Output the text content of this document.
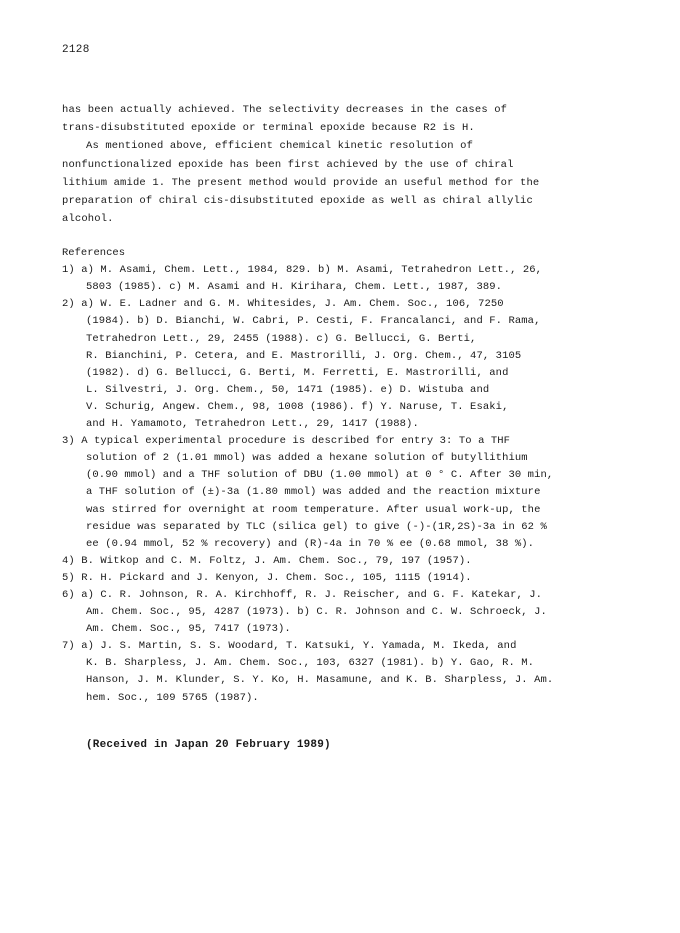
2128
has been actually achieved. The selectivity decreases in the cases of
trans-disubstituted epoxide or terminal epoxide because R2 is H.
As mentioned above, efficient chemical kinetic resolution of
nonfunctionalized epoxide has been first achieved by the use of chiral
lithium amide 1. The present method would provide an useful method for the
preparation of chiral cis-disubstituted epoxide as well as chiral allylic
alcohol.
References
1) a) M. Asami, Chem. Lett., 1984, 829. b) M. Asami, Tetrahedron Lett., 26,
5803 (1985). c) M. Asami and H. Kirihara, Chem. Lett., 1987, 389.
2) a) W. E. Ladner and G. M. Whitesides, J. Am. Chem. Soc., 106, 7250
(1984). b) D. Bianchi, W. Cabri, P. Cesti, F. Francalanci, and F. Rama,
Tetrahedron Lett., 29, 2455 (1988). c) G. Bellucci, G. Berti,
R. Bianchini, P. Cetera, and E. Mastrorilli, J. Org. Chem., 47, 3105
(1982). d) G. Bellucci, G. Berti, M. Ferretti, E. Mastrorilli, and
L. Silvestri, J. Org. Chem., 50, 1471 (1985). e) D. Wistuba and
V. Schurig, Angew. Chem., 98, 1008 (1986). f) Y. Naruse, T. Esaki,
and H. Yamamoto, Tetrahedron Lett., 29, 1417 (1988).
3) A typical experimental procedure is described for entry 3: To a THF
solution of 2 (1.01 mmol) was added a hexane solution of butyllithium
(0.90 mmol) and a THF solution of DBU (1.00 mmol) at 0 ° C. After 30 min,
a THF solution of (±)-3a (1.80 mmol) was added and the reaction mixture
was stirred for overnight at room temperature. After usual work-up, the
residue was separated by TLC (silica gel) to give (-)-(1R,2S)-3a in 62 %
ee (0.94 mmol, 52 % recovery) and (R)-4a in 70 % ee (0.68 mmol, 38 %).
4) B. Witkop and C. M. Foltz, J. Am. Chem. Soc., 79, 197 (1957).
5) R. H. Pickard and J. Kenyon, J. Chem. Soc., 105, 1115 (1914).
6) a) C. R. Johnson, R. A. Kirchhoff, R. J. Reischer, and G. F. Katekar, J.
Am. Chem. Soc., 95, 4287 (1973). b) C. R. Johnson and C. W. Schroeck, J.
Am. Chem. Soc., 95, 7417 (1973).
7) a) J. S. Martin, S. S. Woodard, T. Katsuki, Y. Yamada, M. Ikeda, and
K. B. Sharpless, J. Am. Chem. Soc., 103, 6327 (1981). b) Y. Gao, R. M.
Hanson, J. M. Klunder, S. Y. Ko, H. Masamune, and K. B. Sharpless, J. Am.
hem. Soc., 109 5765 (1987).
(Received in Japan 20 February 1989)
